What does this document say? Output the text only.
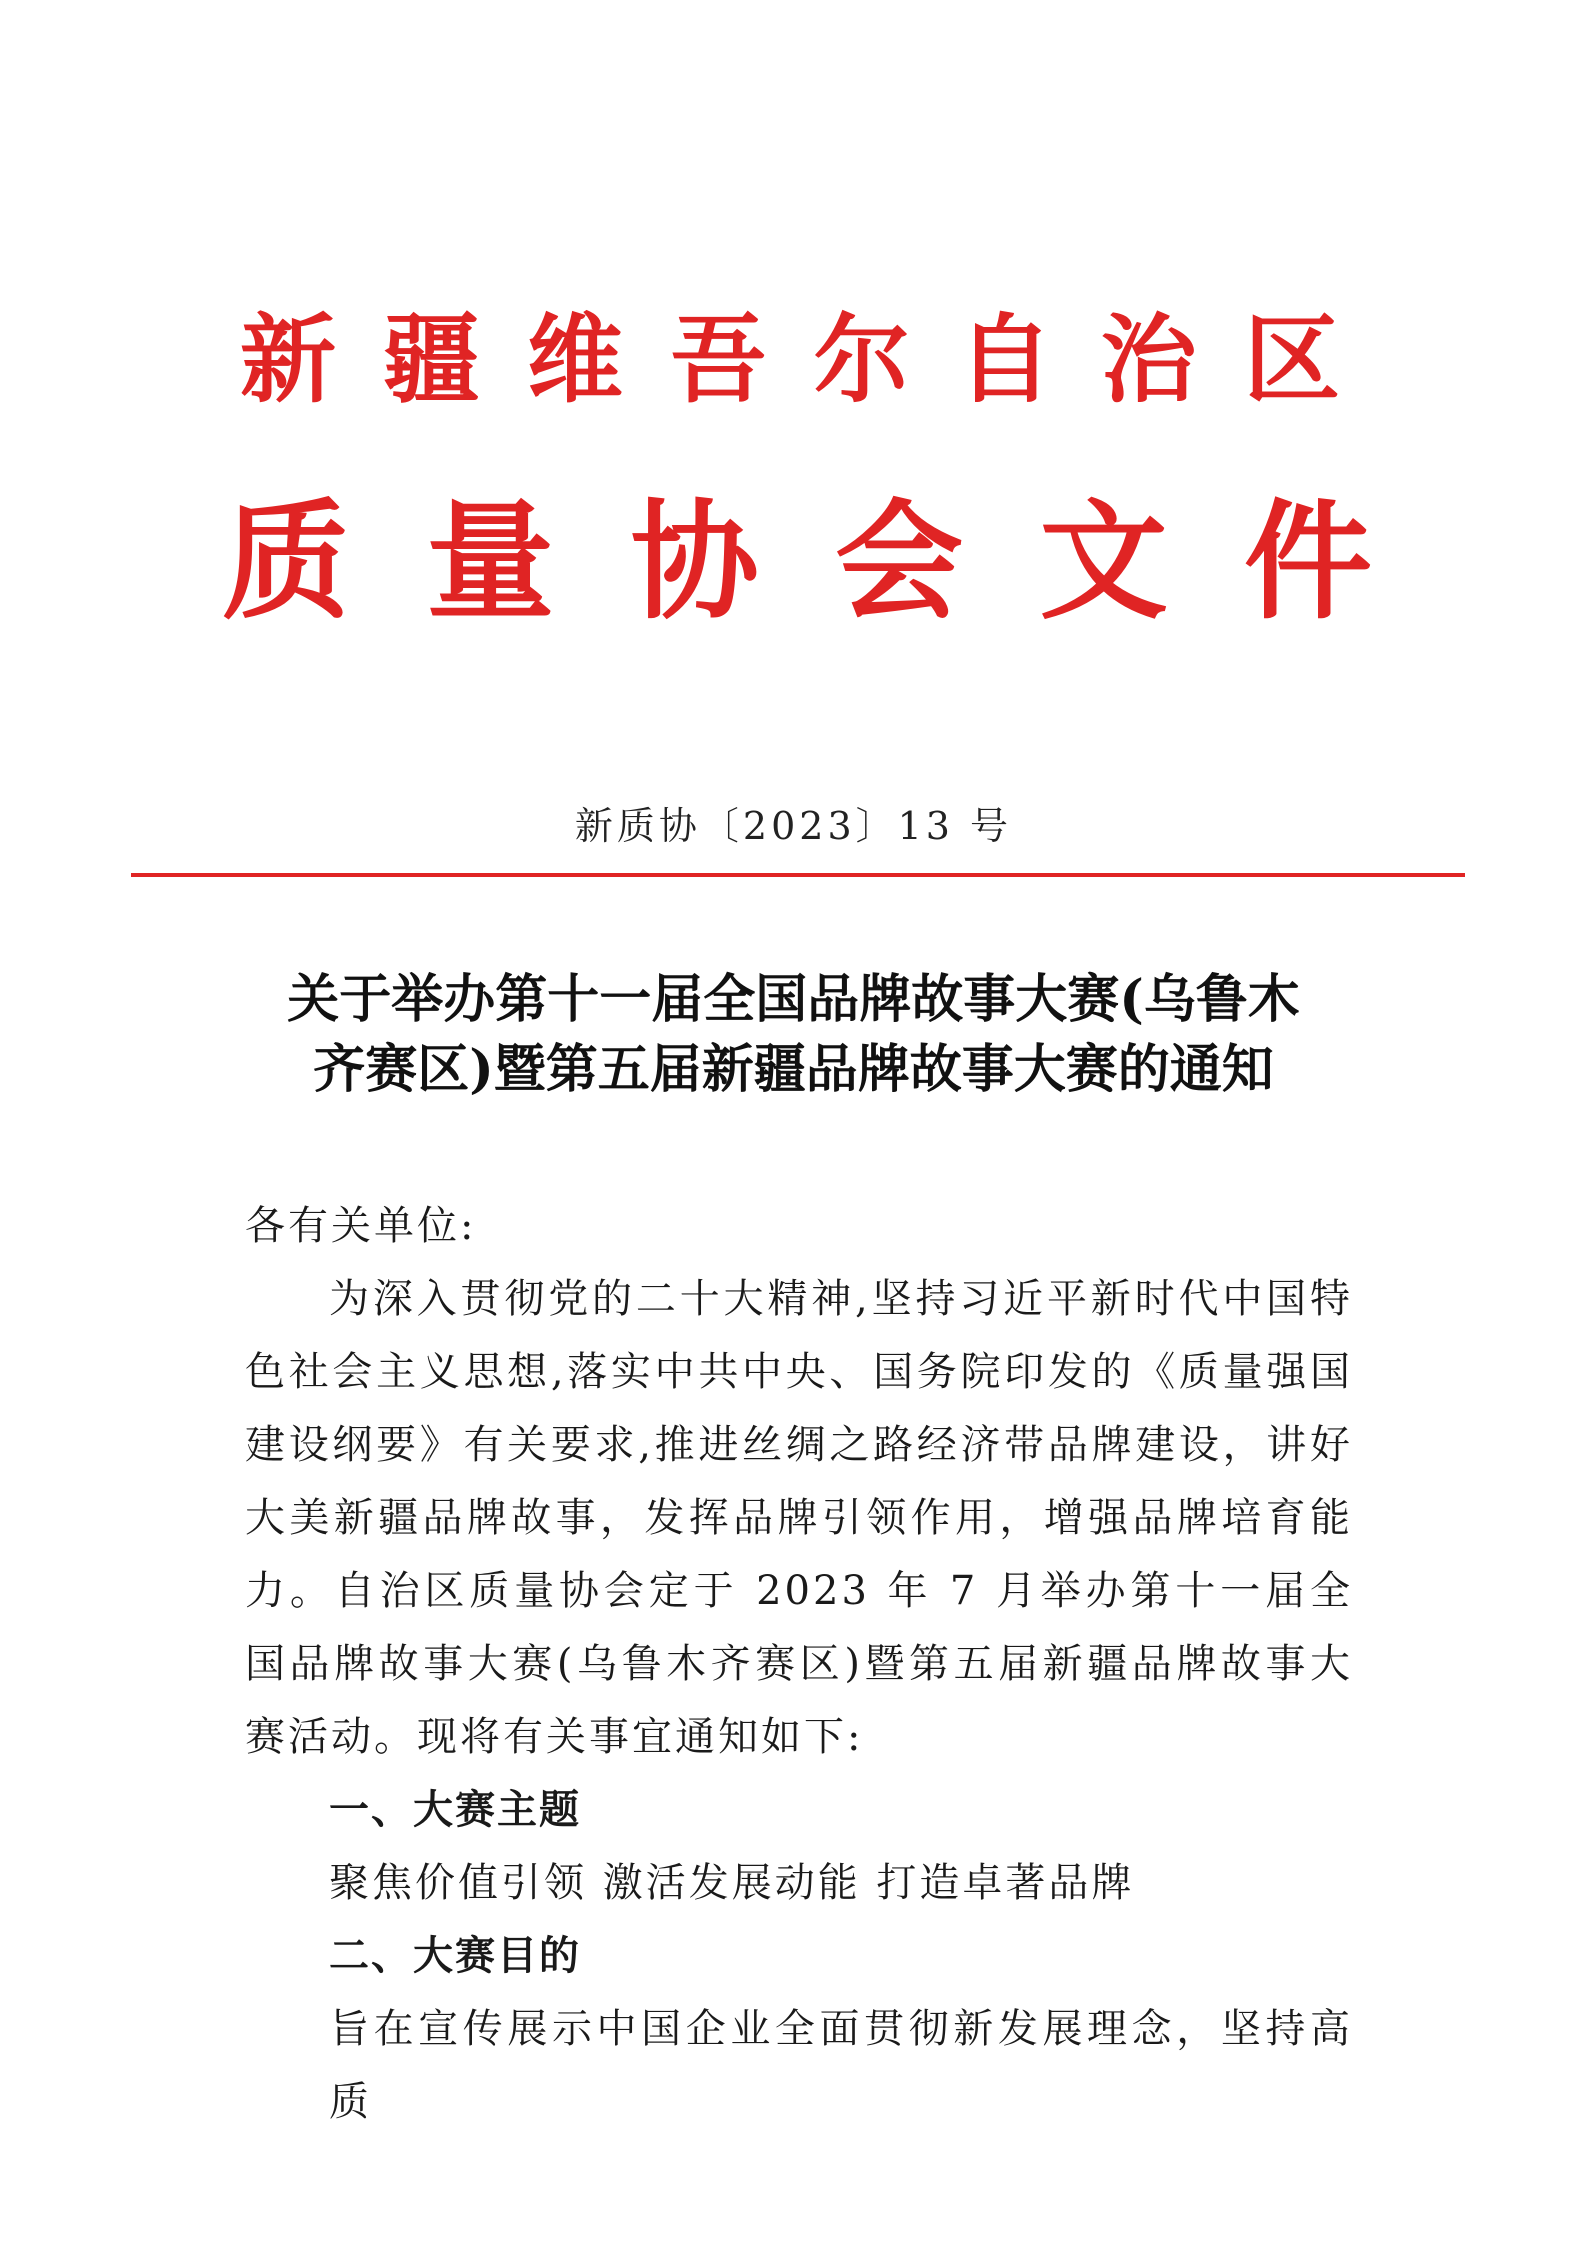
新 疆 维 吾 尔 自 治 区
质 量 协 会 文 件
新质协〔2023〕13 号
关于举办第十一届全国品牌故事大赛(乌鲁木
齐赛区)暨第五届新疆品牌故事大赛的通知

各有关单位:

为深入贯彻党的二十大精神,坚持习近平新时代中国特色社会主义思想,落实中共中央、国务院印发的《质量强国建设纲要》有关要求,推进丝绸之路经济带品牌建设，讲好大美新疆品牌故事，发挥品牌引领作用，增强品牌培育能力。自治区质量协会定于 2023 年 7 月举办第十一届全国品牌故事大赛(乌鲁木齐赛区)暨第五届新疆品牌故事大赛活动。现将有关事宜通知如下:

一、大赛主题

聚焦价值引领 激活发展动能 打造卓著品牌

二、大赛目的

旨在宣传展示中国企业全面贯彻新发展理念，坚持高质
